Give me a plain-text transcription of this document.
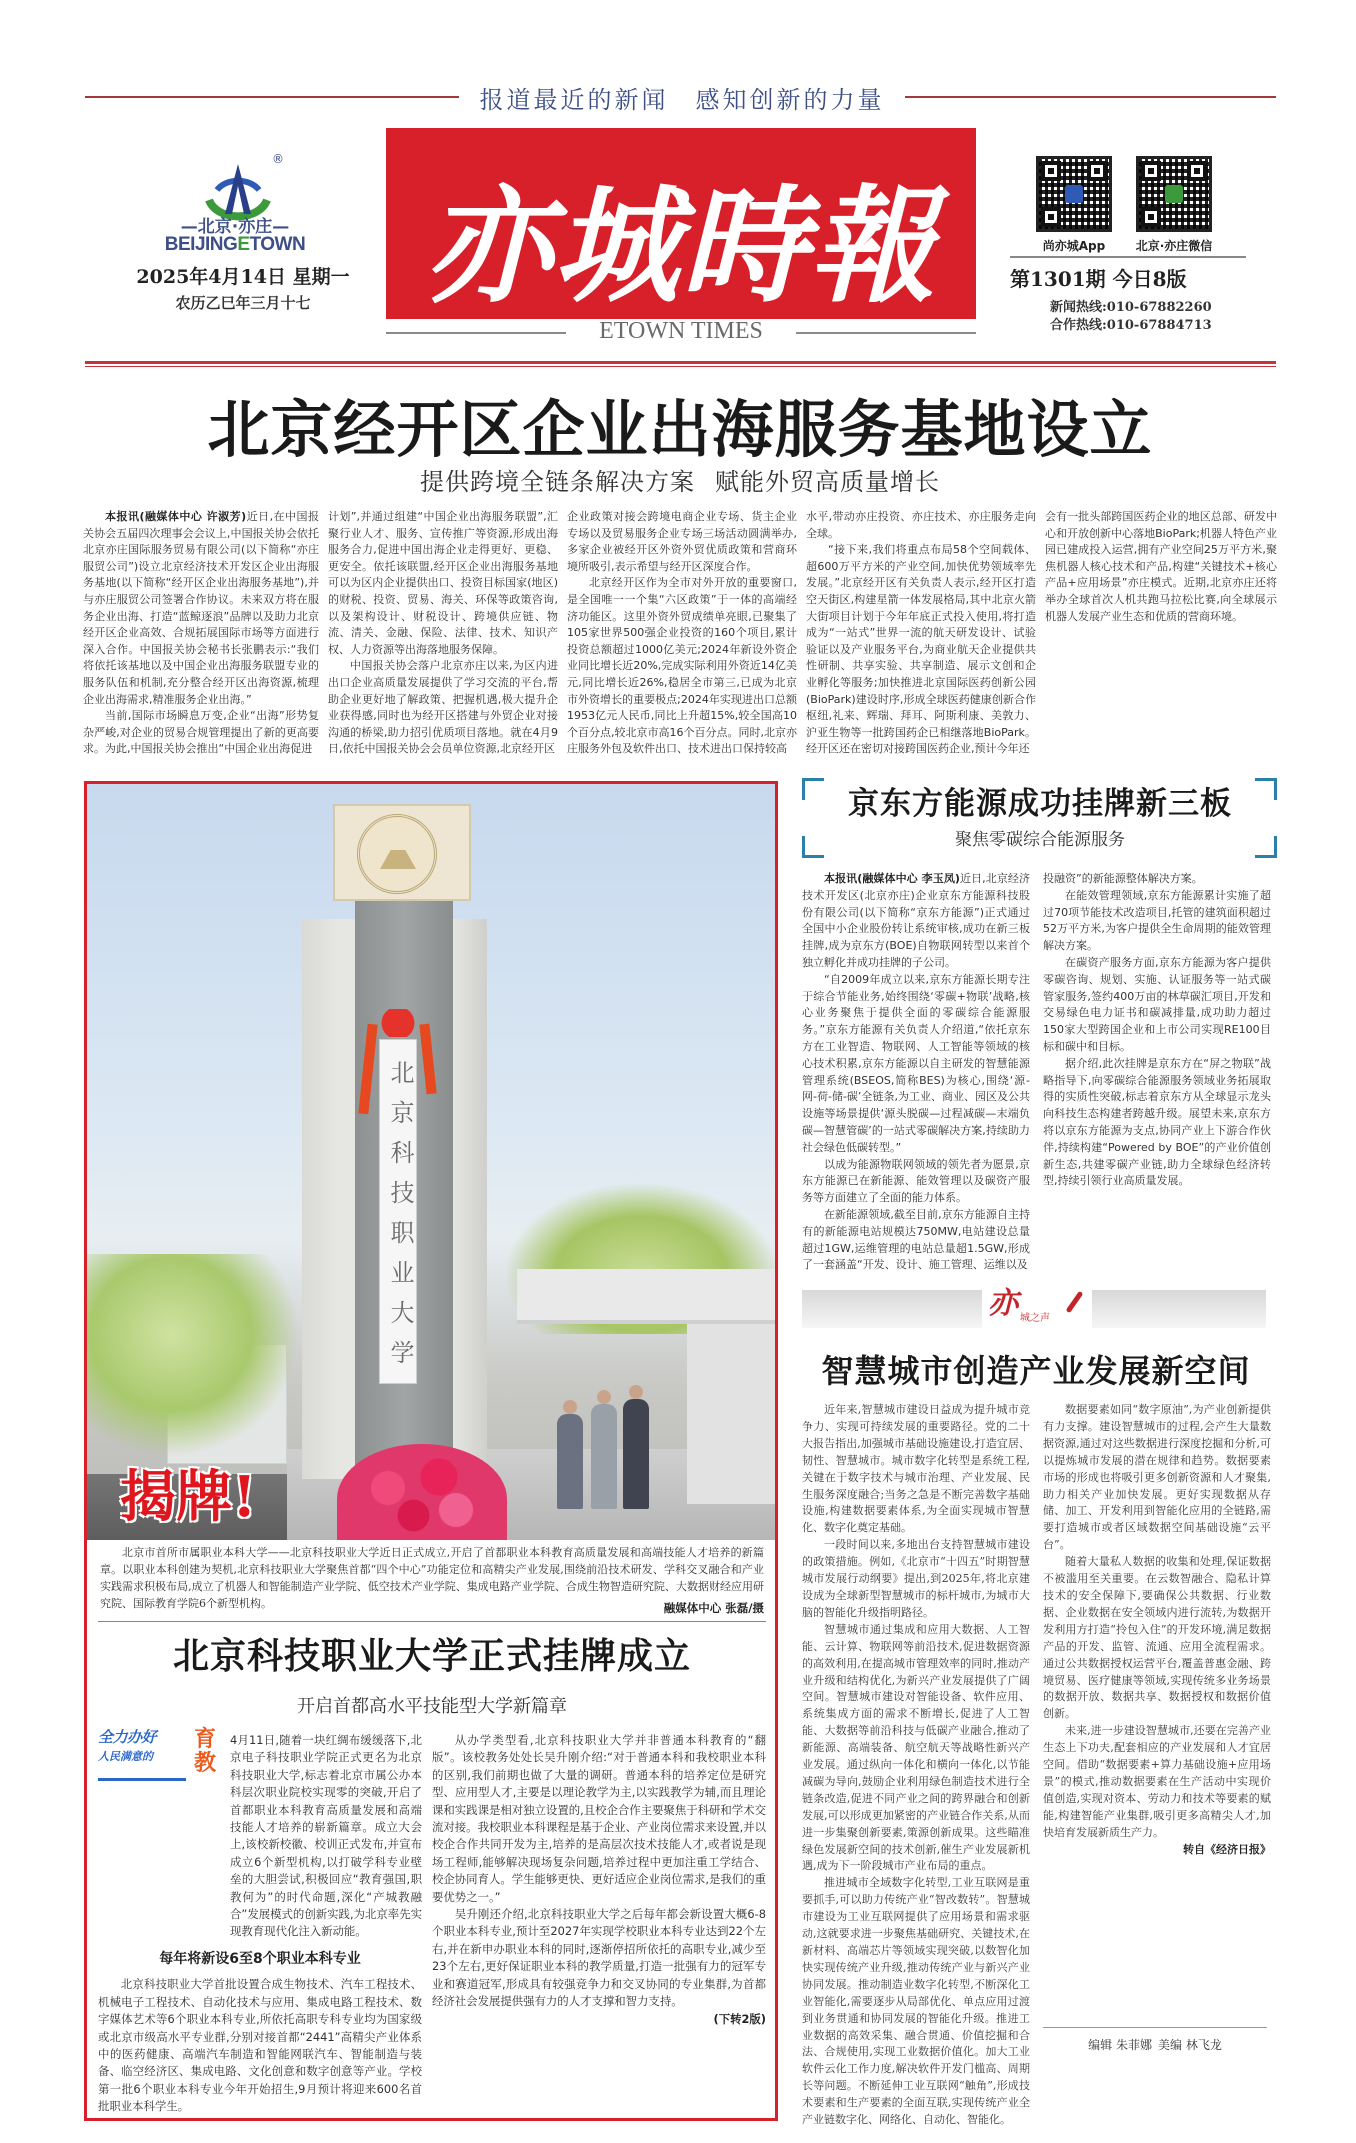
报道最近的新闻　感知创新的力量
®
—北京·亦庄—
BEIJINGETOWN
2025年4月14日 星期一
农历乙巳年三月十七 亦城時報
ETOWN TIMES
尚亦城App	北京·亦庄微信
第1301期 今日8版
新闻热线:010-67882260
合作热线:010-67884713
北京经开区企业出海服务基地设立
提供跨境全链条解决方案 赋能外贸高质量增长

本报讯(融媒体中心 许淑芳)近日,在中国报关协会五届四次理事会会议上,中国报关协会依托北京亦庄国际服务贸易有限公司(以下简称“亦庄服贸公司”)设立北京经济技术开发区企业出海服务基地(以下简称“经开区企业出海服务基地”),并与亦庄服贸公司签署合作协议。未来双方将在服务企业出海、打造“蓝鲸逐浪”品牌以及助力北京经开区企业高效、合规拓展国际市场等方面进行深入合作。中国报关协会秘书长张鹏表示:“我们将依托该基地以及中国企业出海服务联盟专业的服务队伍和机制,充分整合经开区出海资源,梳理企业出海需求,精准服务企业出海。”

当前,国际市场瞬息万变,企业“出海”形势复杂严峻,对企业的贸易合规管理提出了新的更高要求。为此,中国报关协会推出“中国企业出海促进

计划”,并通过组建“中国企业出海服务联盟”,汇聚行业人才、服务、宣传推广等资源,形成出海服务合力,促进中国出海企业走得更好、更稳、更安全。依托该联盟,经开区企业出海服务基地可以为区内企业提供出口、投资目标国家(地区)的财税、投资、贸易、海关、环保等政策咨询,以及架构设计、财税设计、跨境供应链、物流、清关、金融、保险、法律、技术、知识产权、人力资源等出海落地服务保障。

中国报关协会落户北京亦庄以来,为区内进出口企业高质量发展提供了学习交流的平台,帮助企业更好地了解政策、把握机遇,极大提升企业获得感,同时也为经开区搭建与外贸企业对接沟通的桥梁,助力招引优质项目落地。就在4月9日,依托中国报关协会会员单位资源,北京经开区

企业政策对接会跨境电商企业专场、货主企业专场以及贸易服务企业专场三场活动圆满举办,多家企业被经开区外资外贸优质政策和营商环境所吸引,表示希望与经开区深度合作。

北京经开区作为全市对外开放的重要窗口,是全国唯一一个集“六区政策”于一体的高端经济功能区。这里外资外贸成绩单亮眼,已聚集了105家世界500强企业投资的160个项目,累计投资总额超过1000亿美元;2024年新设外资企业同比增长近20%,完成实际利用外资近14亿美元,同比增长近26%,稳居全市第三,已成为北京市外资增长的重要极点;2024年实现进出口总额1953亿元人民币,同比上升超15%,较全国高10个百分点,较北京市高16个百分点。同时,北京亦庄服务外包及软件出口、技术进出口保持较高

水平,带动亦庄投资、亦庄技术、亦庄服务走向全球。

“接下来,我们将重点布局58个空间载体、超600万平方米的产业空间,加快优势领域率先发展。”北京经开区有关负责人表示,经开区打造空天街区,构建星箭一体发展格局,其中北京火箭大街项目计划于今年年底正式投入使用,将打造成为“一站式”世界一流的航天研发设计、试验验证以及产业服务平台,为商业航天企业提供共性研制、共享实验、共享制造、展示文创和企业孵化等服务;加快推进北京国际医药创新公园(BioPark)建设时序,形成全球医药健康创新合作枢纽,礼来、辉瑞、拜耳、阿斯利康、美敦力、沪亚生物等一批跨国药企已相继落地BioPark。经开区还在密切对接跨国医药企业,预计今年还

会有一批头部跨国医药企业的地区总部、研发中心和开放创新中心落地BioPark;机器人特色产业园已建成投入运营,拥有产业空间25万平方米,聚焦机器人核心技术和产品,构建“关键技术+核心产品+应用场景”亦庄模式。近期,北京亦庄还将举办全球首次人机共跑马拉松比赛,向全球展示机器人发展产业生态和优质的营商环境。

北京科技职业大学
揭牌!

北京市首所市属职业本科大学——北京科技职业大学近日正式成立,开启了首都职业本科教育高质量发展和高端技能人才培养的新篇章。以职业本科创建为契机,北京科技职业大学聚焦首都“四个中心”功能定位和高精尖产业发展,围绕前沿技术研发、学科交叉融合和产业实践需求积极布局,成立了机器人和智能制造产业学院、低空技术产业学院、集成电路产业学院、合成生物智造研究院、大数据财经应用研究院、国际教育学院6个新型机构。	融媒体中心 张磊/摄
北京科技职业大学正式挂牌成立
开启首都高水平技能型大学新篇章
全力办好
人民满意的
育教

4月11日,随着一块红绸布缓缓落下,北京电子科技职业学院正式更名为北京科技职业大学,标志着北京市属公办本科层次职业院校实现零的突破,开启了首都职业本科教育高质量发展和高端技能人才培养的崭新篇章。成立大会上,该校新校徽、校训正式发布,并宣布成立6个新型机构,以打破学科专业壁垒的大胆尝试,积极回应“教育强国,职教何为”的时代命题,深化“产城教融合”发展模式的创新实践,为北京率先实现教育现代化注入新动能。

每年将新设6至8个职业本科专业

北京科技职业大学首批设置合成生物技术、汽车工程技术、机械电子工程技术、自动化技术与应用、集成电路工程技术、数字媒体艺术等6个职业本科专业,所依托高职专科专业均为国家级或北京市级高水平专业群,分别对接首都“2441”高精尖产业体系中的医药健康、高端汽车制造和智能网联汽车、智能制造与装备、临空经济区、集成电路、文化创意和数字创意等产业。学校第一批6个职业本科专业今年开始招生,9月预计将迎来600名首批职业本科学生。

从办学类型看,北京科技职业大学并非普通本科教育的“翻版”。该校教务处处长吴升刚介绍:“对于普通本科和我校职业本科的区别,我们前期也做了大量的调研。普通本科的培养定位是研究型、应用型人才,主要是以理论教学为主,以实践教学为辅,而且理论课和实践课是相对独立设置的,且校企合作主要聚焦于科研和学术交流对接。我校职业本科课程是基于企业、产业岗位需求来设置,并以校企合作共同开发为主,培养的是高层次技术技能人才,或者说是现场工程师,能够解决现场复杂问题,培养过程中更加注重工学结合、校企协同育人。学生能够更快、更好适应企业岗位需求,是我们的重要优势之一。”

吴升刚还介绍,北京科技职业大学之后每年都会新设置大概6-8个职业本科专业,预计至2027年实现学校职业本科专业达到22个左右,并在新申办职业本科的同时,逐渐停招所依托的高职专业,减少至23个左右,更好保证职业本科的教学质量,打造一批强有力的冠军专业和赛道冠军,形成具有较强竞争力和交叉协同的专业集群,为首都经济社会发展提供强有力的人才支撑和智力支持。

(下转2版)

京东方能源成功挂牌新三板
聚焦零碳综合能源服务

本报讯(融媒体中心 李玉凤)近日,北京经济技术开发区(北京亦庄)企业京东方能源科技股份有限公司(以下简称“京东方能源”)正式通过全国中小企业股份转让系统审核,成功在新三板挂牌,成为京东方(BOE)自物联网转型以来首个独立孵化并成功挂牌的子公司。

“自2009年成立以来,京东方能源长期专注于综合节能业务,始终围绕‘零碳+物联’战略,核心业务聚焦于提供全面的零碳综合能源服务。”京东方能源有关负责人介绍道,“依托京东方在工业智造、物联网、人工智能等领域的核心技术积累,京东方能源以自主研发的智慧能源管理系统(BSEOS,简称BES)为核心,围绕‘源-网-荷-储-碳’全链条,为工业、商业、园区及公共设施等场景提供‘源头脱碳—过程减碳—末端负碳—智慧管碳’的一站式零碳解决方案,持续助力社会绿色低碳转型。”

以成为能源物联网领域的领先者为愿景,京东方能源已在新能源、能效管理以及碳资产服务等方面建立了全面的能力体系。

在新能源领域,截至目前,京东方能源自主持有的新能源电站规模达750MW,电站建设总量超过1GW,运维管理的电站总量超1.5GW,形成了一套涵盖“开发、设计、施工管理、运维以及

投融资”的新能源整体解决方案。

在能效管理领域,京东方能源累计实施了超过70项节能技术改造项目,托管的建筑面积超过52万平方米,为客户提供全生命周期的能效管理解决方案。

在碳资产服务方面,京东方能源为客户提供零碳咨询、规划、实施、认证服务等一站式碳管家服务,签约400万亩的林草碳汇项目,开发和交易绿色电力证书和碳减排量,成功助力超过150家大型跨国企业和上市公司实现RE100目标和碳中和目标。

据介绍,此次挂牌是京东方在“屏之物联”战略指导下,向零碳综合能源服务领域业务拓展取得的实质性突破,标志着京东方从全球显示龙头向科技生态构建者跨越升级。展望未来,京东方将以京东方能源为支点,协同产业上下游合作伙伴,持续构建“Powered by BOE”的产业价值创新生态,共建零碳产业链,助力全球绿色经济转型,持续引领行业高质量发展。

亦 城之声
智慧城市创造产业发展新空间

近年来,智慧城市建设日益成为提升城市竞争力、实现可持续发展的重要路径。党的二十大报告指出,加强城市基础设施建设,打造宜居、韧性、智慧城市。城市数字化转型是系统工程,关键在于数字技术与城市治理、产业发展、民生服务深度融合;当务之急是不断完善数字基础设施,构建数据要素体系,为全面实现城市智慧化、数字化奠定基础。

一段时间以来,多地出台支持智慧城市建设的政策措施。例如,《北京市“十四五”时期智慧城市发展行动纲要》提出,到2025年,将北京建设成为全球新型智慧城市的标杆城市,为城市大脑的智能化升级指明路径。

智慧城市通过集成和应用大数据、人工智能、云计算、物联网等前沿技术,促进数据资源的高效利用,在提高城市管理效率的同时,推动产业升级和结构优化,为新兴产业发展提供了广阔空间。智慧城市建设对智能设备、软件应用、系统集成方面的需求不断增长,促进了人工智能、大数据等前沿科技与低碳产业融合,推动了新能源、高端装备、航空航天等战略性新兴产业发展。通过纵向一体化和横向一体化,以节能减碳为导向,鼓励企业利用绿色制造技术进行全链条改造,促进不同产业之间的跨界融合和创新发展,可以形成更加紧密的产业链合作关系,从而进一步集聚创新要素,策源创新成果。这些瞄准绿色发展新空间的技术创新,催生产业发展新机遇,成为下一阶段城市产业布局的重点。

推进城市全域数字化转型,工业互联网是重要抓手,可以助力传统产业“智改数转”。智慧城市建设为工业互联网提供了应用场景和需求驱动,这就要求进一步聚焦基础研究、关键技术,在新材料、高端芯片等领域实现突破,以数智化加快实现传统产业升级,推动传统产业与新兴产业协同发展。推动制造业数字化转型,不断深化工业智能化,需要逐步从局部优化、单点应用过渡到业务贯通和协同发展的智能化升级。推进工业数据的高效采集、融合贯通、价值挖掘和合法、合规使用,实现工业数据价值化。加大工业软件云化工作力度,解决软件开发门槛高、周期长等问题。不断延伸工业互联网“触角”,形成技术要素和生产要素的全面互联,实现传统产业全产业链数字化、网络化、自动化、智能化。

数据要素如同“数字原油”,为产业创新提供有力支撑。建设智慧城市的过程,会产生大量数据资源,通过对这些数据进行深度挖掘和分析,可以提炼城市发展的潜在规律和趋势。数据要素市场的形成也将吸引更多创新资源和人才聚集,助力相关产业加快发展。更好实现数据从存储、加工、开发利用到智能化应用的全链路,需要打造城市或者区域数据空间基础设施“云平台”。

随着大量私人数据的收集和处理,保证数据不被滥用至关重要。在云数智融合、隐私计算技术的安全保障下,要确保公共数据、行业数据、企业数据在安全领域内进行流转,为数据开发利用方打造“拎包入住”的开发环境,满足数据产品的开发、监管、流通、应用全流程需求。通过公共数据授权运营平台,覆盖普惠金融、跨境贸易、医疗健康等领域,实现传统多业务场景的数据开放、数据共享、数据授权和数据价值创新。

未来,进一步建设智慧城市,还要在完善产业生态上下功夫,配套相应的产业发展和人才宜居空间。借助“数据要素+算力基础设施+应用场景”的模式,推动数据要素在生产活动中实现价值创造,实现对资本、劳动力和技术等要素的赋能,构建智能产业集群,吸引更多高精尖人才,加快培育发展新质生产力。

转自《经济日报》

编辑 朱菲娜 美编 林飞龙
